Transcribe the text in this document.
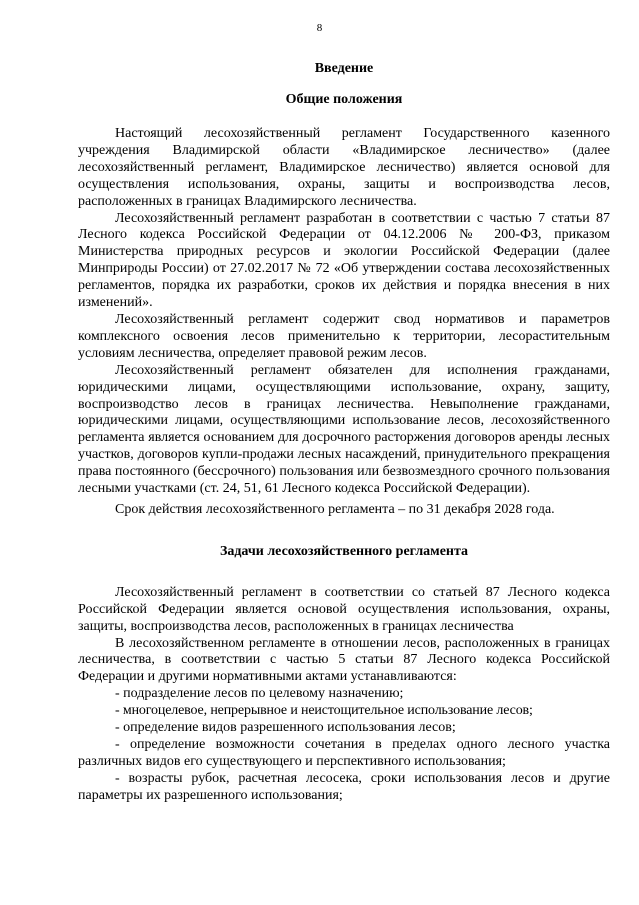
8
Введение
Общие положения

Настоящий лесохозяйственный регламент Государственного казенного учреждения Владимирской области «Владимирское лесничество» (далее лесохозяйственный регламент, Владимирское лесничество) является основой для осуществления использования, охраны, защиты и воспроизводства лесов, расположенных в границах Владимирского лесничества.

Лесохозяйственный регламент разработан в соответствии с частью 7 статьи 87 Лесного кодекса Российской Федерации от 04.12.2006 № 200-ФЗ, приказом Министерства природных ресурсов и экологии Российской Федерации (далее Минприроды России) от 27.02.2017 № 72 «Об утверждении состава лесохозяйственных регламентов, порядка их разработки, сроков их действия и порядка внесения в них изменений».

Лесохозяйственный регламент содержит свод нормативов и параметров комплексного освоения лесов применительно к территории, лесорастительным условиям лесничества, определяет правовой режим лесов.

Лесохозяйственный регламент обязателен для исполнения гражданами, юридическими лицами, осуществляющими использование, охрану, защиту, воспроизводство лесов в границах лесничества. Невыполнение гражданами, юридическими лицами, осуществляющими использование лесов, лесохозяйственного регламента является основанием для досрочного расторжения договоров аренды лесных участков, договоров купли-продажи лесных насаждений, принудительного прекращения права постоянного (бессрочного) пользования или безвозмездного срочного пользования лесными участками (ст. 24, 51, 61 Лесного кодекса Российской Федерации).

Срок действия лесохозяйственного регламента – по 31 декабря 2028 года.

Задачи лесохозяйственного регламента

Лесохозяйственный регламент в соответствии со статьей 87 Лесного кодекса Российской Федерации является основой осуществления использования, охраны, защиты, воспроизводства лесов, расположенных в границах лесничества

В лесохозяйственном регламенте в отношении лесов, расположенных в границах лесничества, в соответствии с частью 5 статьи 87 Лесного кодекса Российской Федерации и другими нормативными актами устанавливаются:

- подразделение лесов по целевому назначению;

- многоцелевое, непрерывное и неистощительное использование лесов;

- определение видов разрешенного использования лесов;

- определение возможности сочетания в пределах одного лесного участка различных видов его существующего и перспективного использования;

- возрасты рубок, расчетная лесосека, сроки использования лесов и другие параметры их разрешенного использования;
